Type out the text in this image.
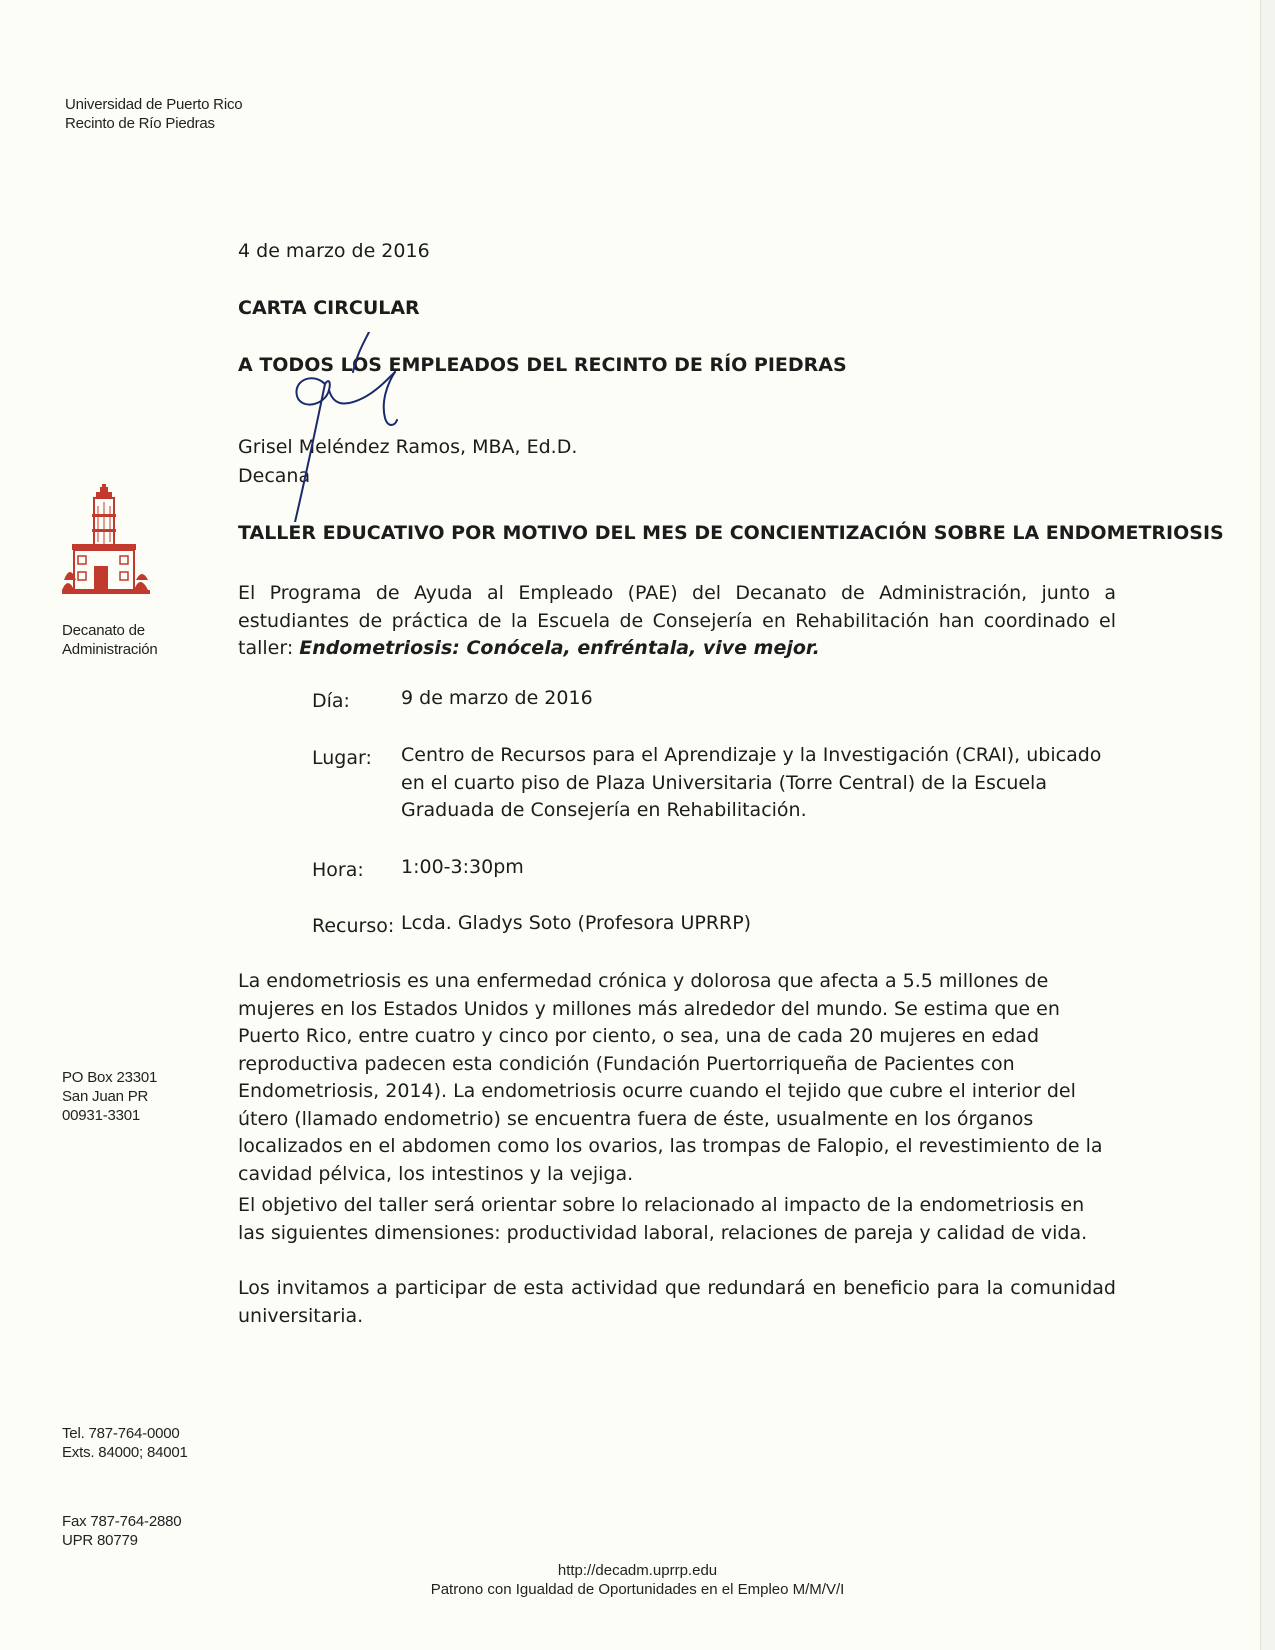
Universidad de Puerto Rico
Recinto de Río Piedras
Decanato de
Administración
PO Box 23301
San Juan PR
00931-3301
Tel. 787-764-0000
Exts. 84000; 84001
Fax 787-764-2880
UPR 80779
4 de marzo de 2016
CARTA CIRCULAR
A TODOS LOS EMPLEADOS DEL RECINTO DE RÍO PIEDRAS
Grisel Meléndez Ramos, MBA, Ed.D.
Decana
TALLER EDUCATIVO POR MOTIVO DEL MES DE CONCIENTIZACIÓN SOBRE LA ENDOMETRIOSIS

El Programa de Ayuda al Empleado (PAE) del Decanato de Administración, junto a estudiantes de práctica de la Escuela de Consejería en Rehabilitación han coordinado el taller: Endometriosis: Conócela, enfréntala, vive mejor.

Día:	9 de marzo de 2016
Lugar: Centro de Recursos para el Aprendizaje y la Investigación (CRAI), ubicado en el cuarto piso de Plaza Universitaria (Torre Central) de la Escuela Graduada de Consejería en Rehabilitación.
Hora: 1:00-3:30pm
Recurso: Lcda. Gladys Soto (Profesora UPRRP)

La endometriosis es una enfermedad crónica y dolorosa que afecta a 5.5 millones de mujeres en los Estados Unidos y millones más alrededor del mundo. Se estima que en Puerto Rico, entre cuatro y cinco por ciento, o sea, una de cada 20 mujeres en edad reproductiva padecen esta condición (Fundación Puertorriqueña de Pacientes con Endometriosis, 2014). La endometriosis ocurre cuando el tejido que cubre el interior del útero (llamado endometrio) se encuentra fuera de éste, usualmente en los órganos localizados en el abdomen como los ovarios, las trompas de Falopio, el revestimiento de la cavidad pélvica, los intestinos y la vejiga.

El objetivo del taller será orientar sobre lo relacionado al impacto de la endometriosis en las siguientes dimensiones: productividad laboral, relaciones de pareja y calidad de vida.

Los invitamos a participar de esta actividad que redundará en beneficio para la comunidad universitaria.

http://decadm.uprrp.edu
Patrono con Igualdad de Oportunidades en el Empleo M/M/V/I
